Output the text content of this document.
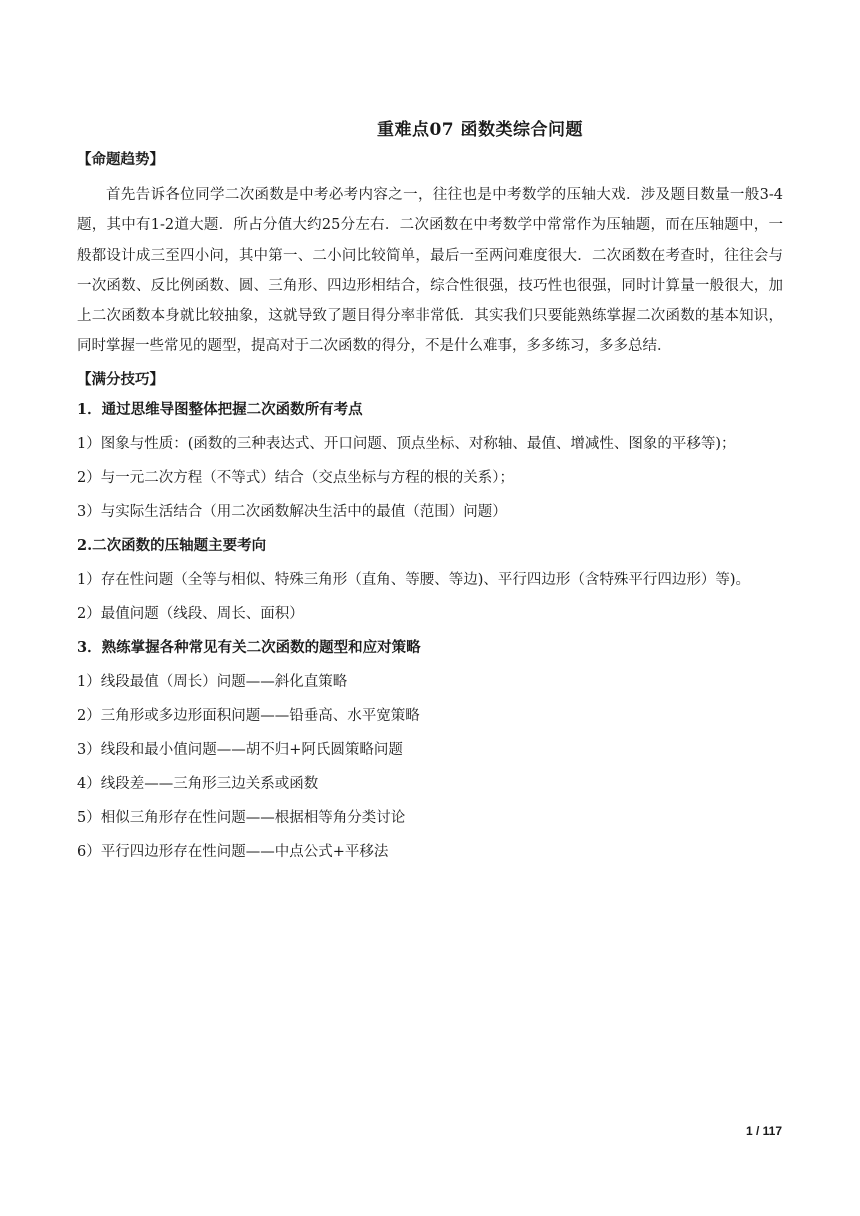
重难点07 函数类综合问题
【命题趋势】

首先告诉各位同学二次函数是中考必考内容之一，往往也是中考数学的压轴大戏．涉及题目数量一般3-4题，其中有1-2道大题．所占分值大约25分左右．二次函数在中考数学中常常作为压轴题，而在压轴题中，一般都设计成三至四小问，其中第一、二小问比较简单，最后一至两问难度很大．二次函数在考查时，往往会与一次函数、反比例函数、圆、三角形、四边形相结合，综合性很强，技巧性也很强，同时计算量一般很大，加上二次函数本身就比较抽象，这就导致了题目得分率非常低．其实我们只要能熟练掌握二次函数的基本知识，同时掌握一些常见的题型，提高对于二次函数的得分，不是什么难事，多多练习，多多总结．

【满分技巧】
1．通过思维导图整体把握二次函数所有考点
1）图象与性质：(函数的三种表达式、开口问题、顶点坐标、对称轴、最值、增减性、图象的平移等)；
2）与一元二次方程（不等式）结合（交点坐标与方程的根的关系）；
3）与实际生活结合（用二次函数解决生活中的最值（范围）问题）
2.二次函数的压轴题主要考向
1）存在性问题（全等与相似、特殊三角形（直角、等腰、等边)、平行四边形（含特殊平行四边形）等)。
2）最值问题（线段、周长、面积）
3．熟练掌握各种常见有关二次函数的题型和应对策略
1）线段最值（周长）问题——斜化直策略
2）三角形或多边形面积问题——铅垂高、水平宽策略
3）线段和最小值问题——胡不归+阿氏圆策略问题
4）线段差——三角形三边关系或函数
5）相似三角形存在性问题——根据相等角分类讨论
6）平行四边形存在性问题——中点公式+平移法
1 / 117
